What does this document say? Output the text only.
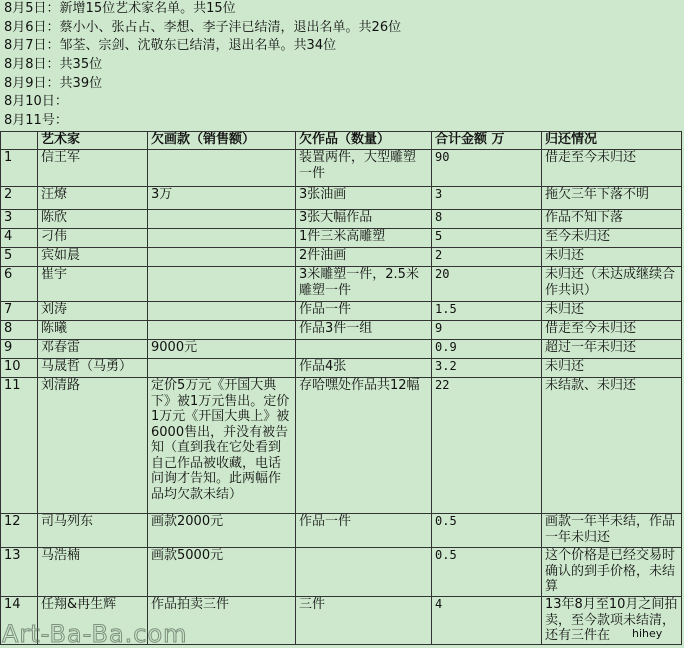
8月5日：新增15位艺术家名单。共15位
8月6日：蔡小小、张占占、李想、李子沣已结清，退出名单。共26位
8月7日：邹荃、宗剑、沈敬东已结清，退出名单。共34位
8月8日：共35位
8月9日：共39位
8月10日：
8月11号：
	艺术家	欠画款（销售额）	欠作品（数量）	合计金额 万	归还情况
1	信王军		装置两件，大型雕塑一件	90	借走至今未归还
2	汪燎	3万	3张油画	3	拖欠三年下落不明
3	陈欣		3张大幅作品	8	作品不知下落
4	刁伟		1件三米高雕塑	5	至今未归还
5	宾如晨		2件油画	2	未归还
6	崔宇		3米雕塑一件，2.5米雕塑一件	20	未归还（未达成继续合作共识）
7	刘涛		作品一件	1.5	未归还
8	陈曦		作品3件一组	9	借走至今未归还
9	邓春雷	9000元		0.9	超过一年未归还
10	马晟哲（马勇）		作品4张	3.2	未归还
11	刘清路	定价5万元《开国大典下》被1万元售出。定价1万元《开国大典上》被6000售出，并没有被告知（直到我在它处看到自己作品被收藏，电话问询才告知。此两幅作品均欠款未结）	存哈嘿处作品共12幅	22	未结款、未归还
12	司马列东	画款2000元	作品一件	0.5	画款一年半未结，作品一年未归还
13	马浩楠	画款5000元		0.5	这个价格是已经交易时确认的到手价格，未结算
14	任翔&冉生辉	作品拍卖三件	三件	4	13年8月至10月之间拍卖，至今款项未结清，还有三件在
Art-Ba-Ba.com	hihey
